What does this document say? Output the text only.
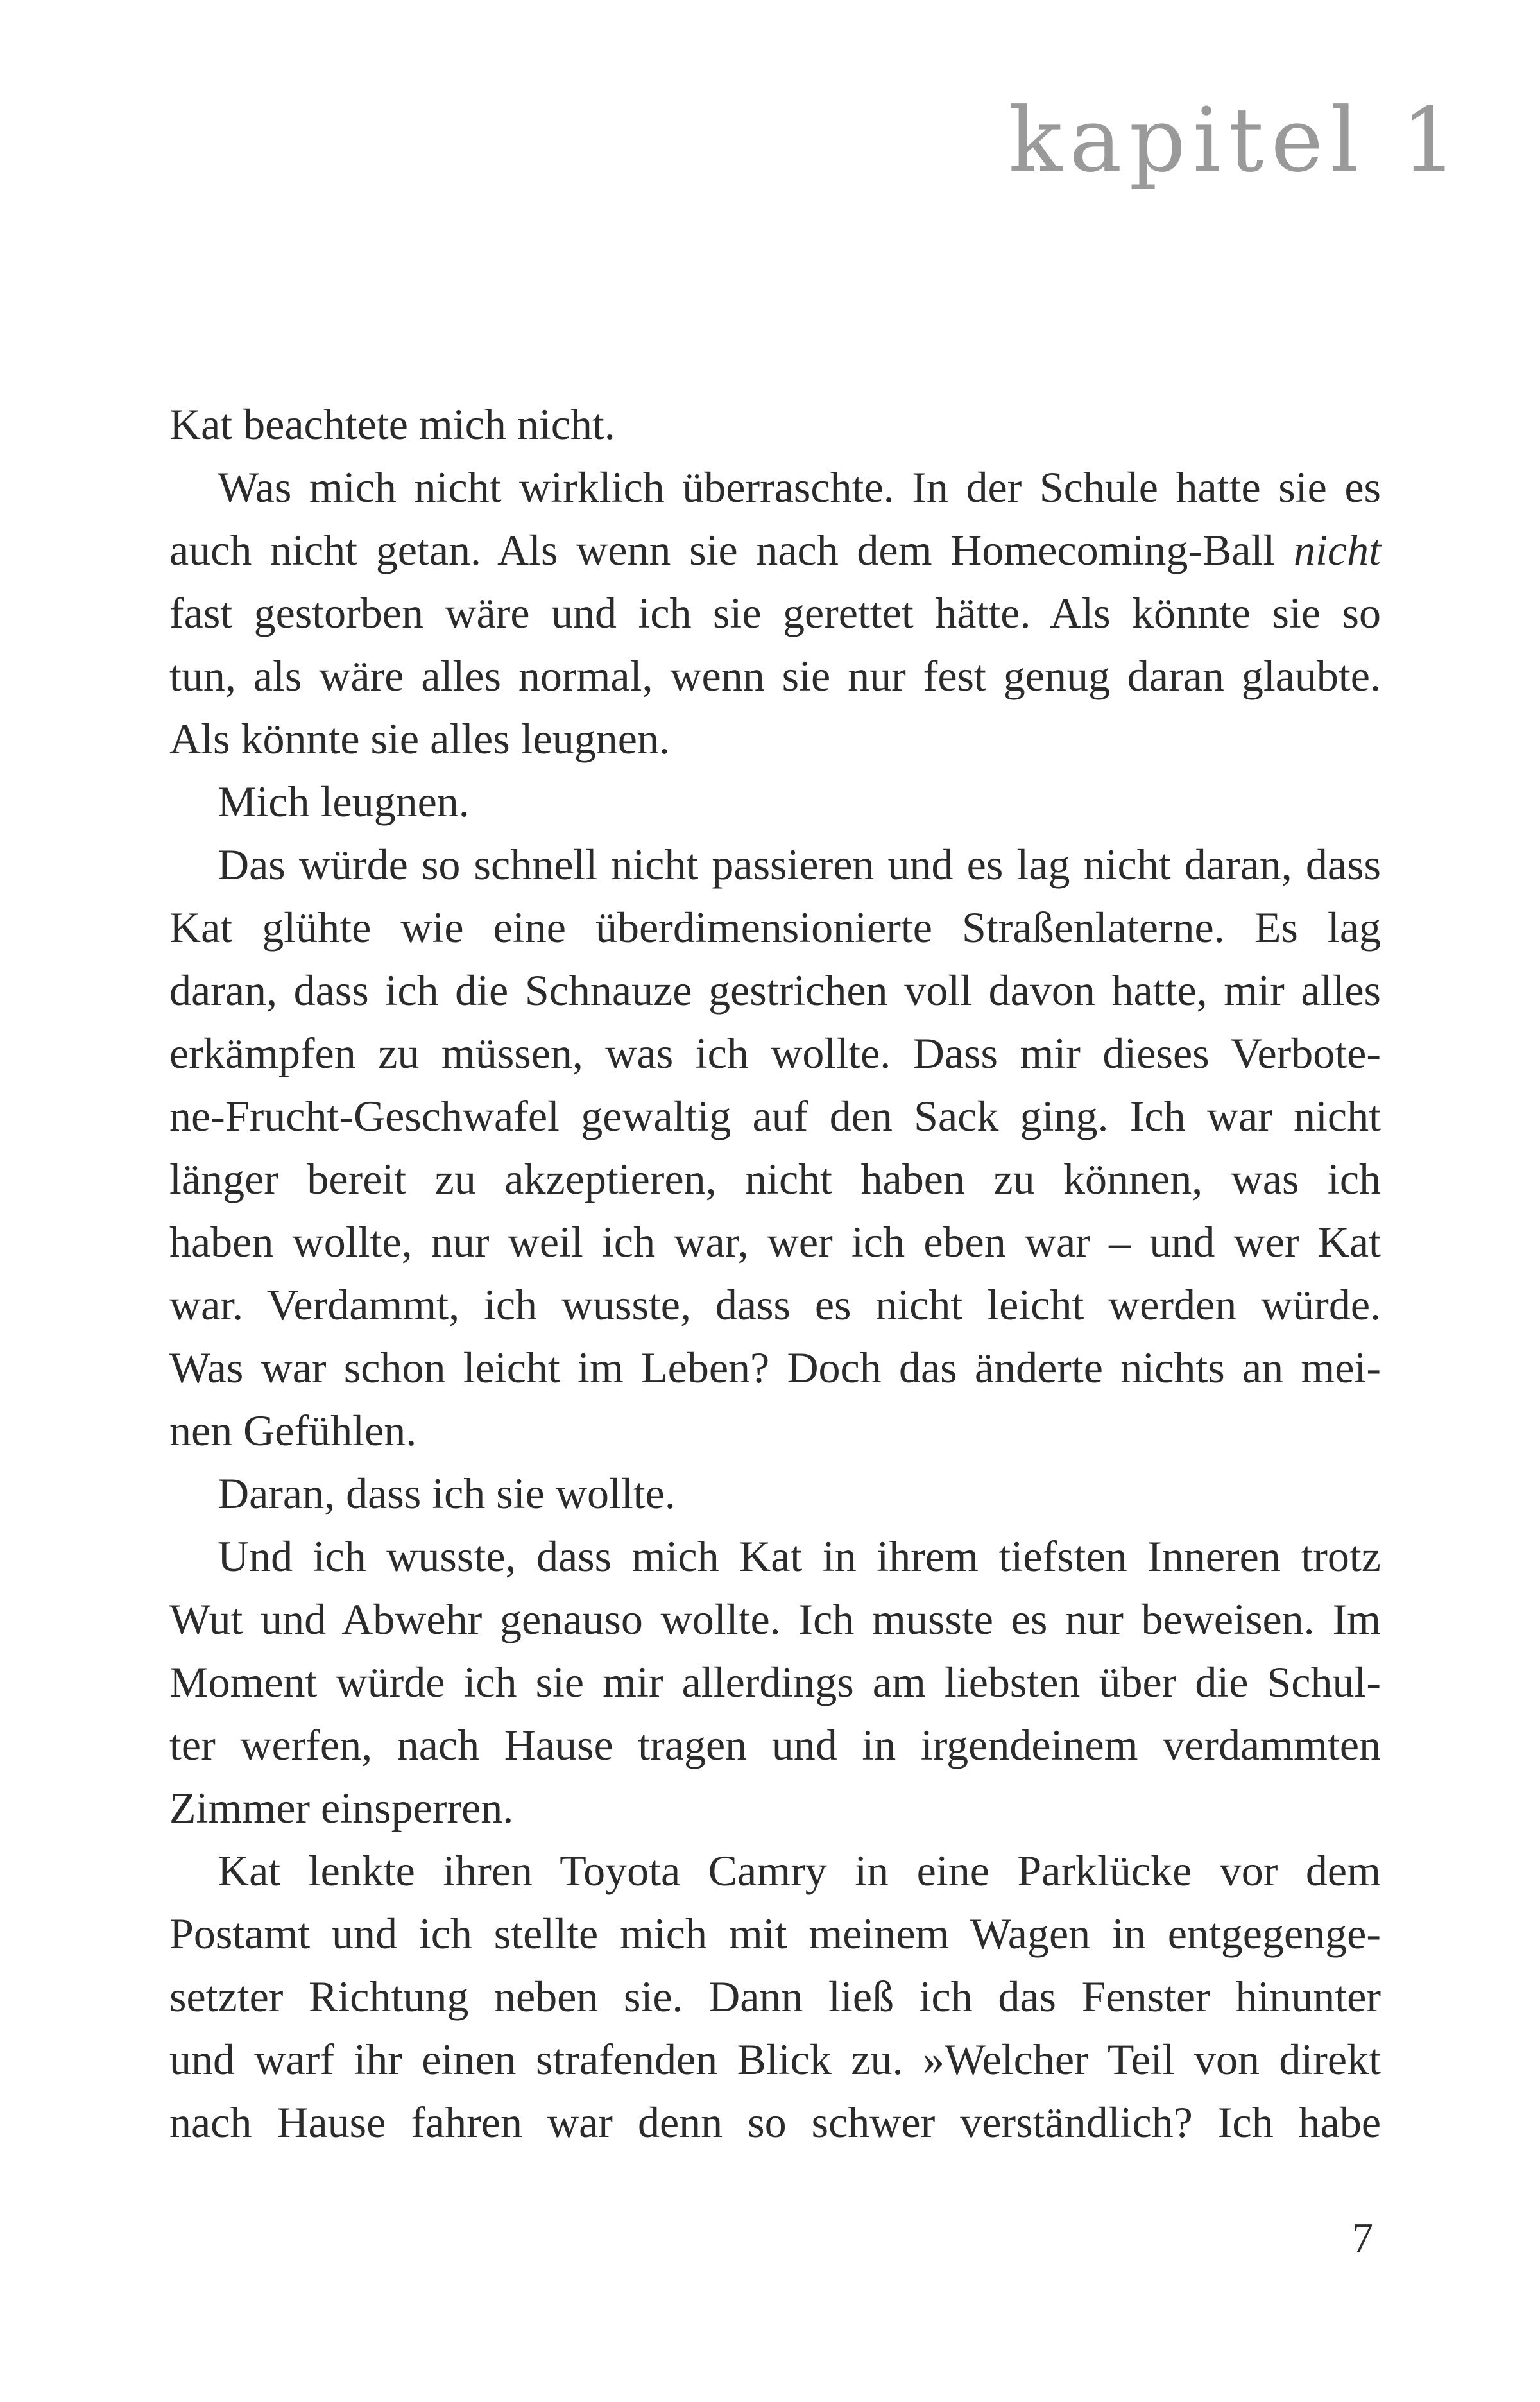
kapitel 1
Kat beachtete mich nicht.
Was mich nicht wirklich überraschte. In der Schule hatte sie es
auch nicht getan. Als wenn sie nach dem Homecoming-Ball nicht
fast gestorben wäre und ich sie gerettet hätte. Als könnte sie so
tun, als wäre alles normal, wenn sie nur fest genug daran glaubte.
Als könnte sie alles leugnen.
Mich leugnen.
Das würde so schnell nicht passieren und es lag nicht daran, dass
Kat glühte wie eine überdimensionierte Straßenlaterne. Es lag
daran, dass ich die Schnauze gestrichen voll davon hatte, mir alles
erkämpfen zu müssen, was ich wollte. Dass mir dieses Verbote-
ne-Frucht-Geschwafel gewaltig auf den Sack ging. Ich war nicht
länger bereit zu akzeptieren, nicht haben zu können, was ich
haben wollte, nur weil ich war, wer ich eben war – und wer Kat
war. Verdammt, ich wusste, dass es nicht leicht werden würde.
Was war schon leicht im Leben? Doch das änderte nichts an mei-
nen Gefühlen.
Daran, dass ich sie wollte.
Und ich wusste, dass mich Kat in ihrem tiefsten Inneren trotz
Wut und Abwehr genauso wollte. Ich musste es nur beweisen. Im
Moment würde ich sie mir allerdings am liebsten über die Schul-
ter werfen, nach Hause tragen und in irgendeinem verdammten
Zimmer einsperren.
Kat lenkte ihren Toyota Camry in eine Parklücke vor dem
Postamt und ich stellte mich mit meinem Wagen in entgegenge-
setzter Richtung neben sie. Dann ließ ich das Fenster hinunter
und warf ihr einen strafenden Blick zu. »Welcher Teil von direkt
nach Hause fahren war denn so schwer verständlich? Ich habe
7
